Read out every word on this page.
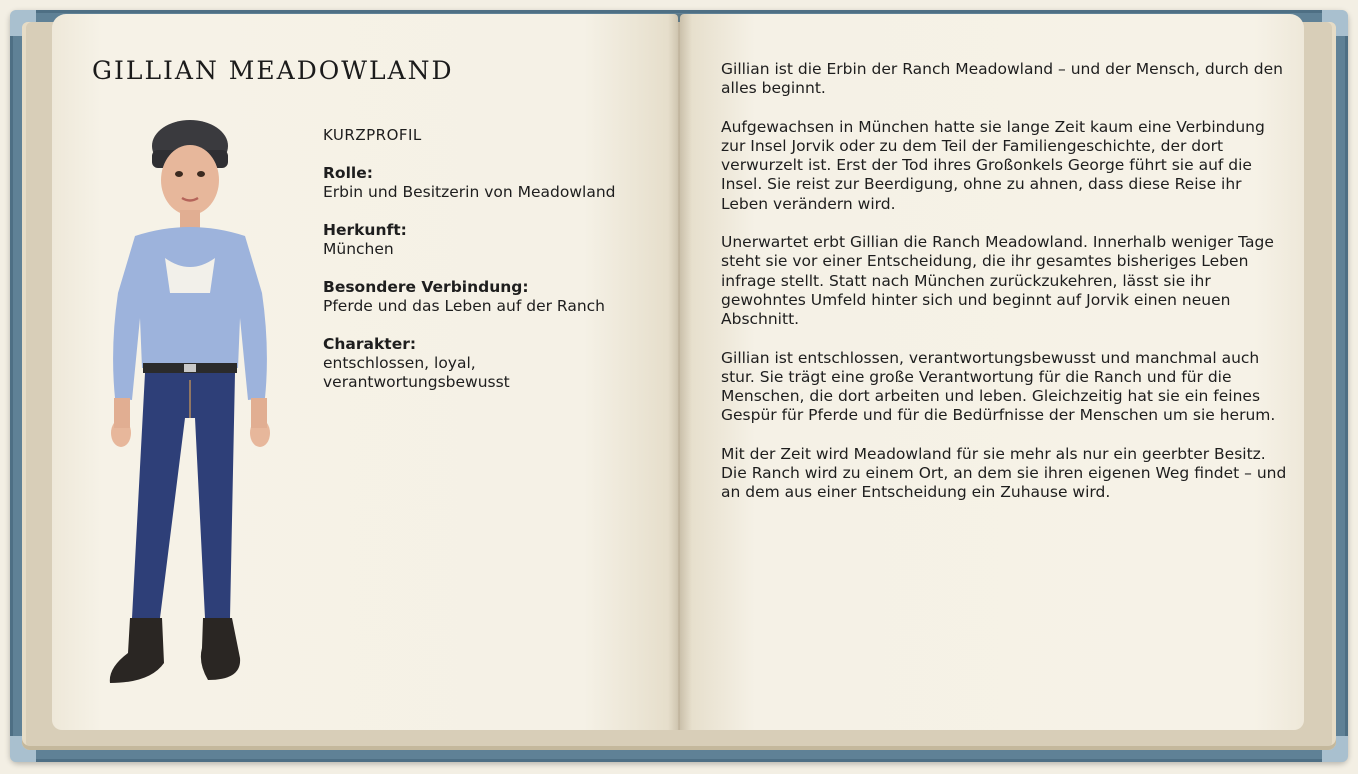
GILLIAN MEADOWLAND
KURZPROFIL
Rolle:
Erbin und Besitzerin von Meadowland
Herkunft:
München
Besondere Verbindung:
Pferde und das Leben auf der Ranch
Charakter:
entschlossen, loyal,
verantwortungsbewusst

Gillian ist die Erbin der Ranch Meadowland – und der Mensch, durch den alles beginnt.

Aufgewachsen in München hatte sie lange Zeit kaum eine Verbindung zur Insel Jorvik oder zu dem Teil der Familiengeschichte, der dort verwurzelt ist. Erst der Tod ihres Großonkels George führt sie auf die Insel. Sie reist zur Beerdigung, ohne zu ahnen, dass diese Reise ihr Leben verändern wird.

Unerwartet erbt Gillian die Ranch Meadowland. Innerhalb weniger Tage steht sie vor einer Entscheidung, die ihr gesamtes bisheriges Leben infrage stellt. Statt nach München zurückzukehren, lässt sie ihr gewohntes Umfeld hinter sich und beginnt auf Jorvik einen neuen Abschnitt.

Gillian ist entschlossen, verantwortungsbewusst und manchmal auch stur. Sie trägt eine große Verantwortung für die Ranch und für die Menschen, die dort arbeiten und leben. Gleichzeitig hat sie ein feines Gespür für Pferde und für die Bedürfnisse der Menschen um sie herum.

Mit der Zeit wird Meadowland für sie mehr als nur ein geerbter Besitz. Die Ranch wird zu einem Ort, an dem sie ihren eigenen Weg findet – und an dem aus einer Entscheidung ein Zuhause wird.
